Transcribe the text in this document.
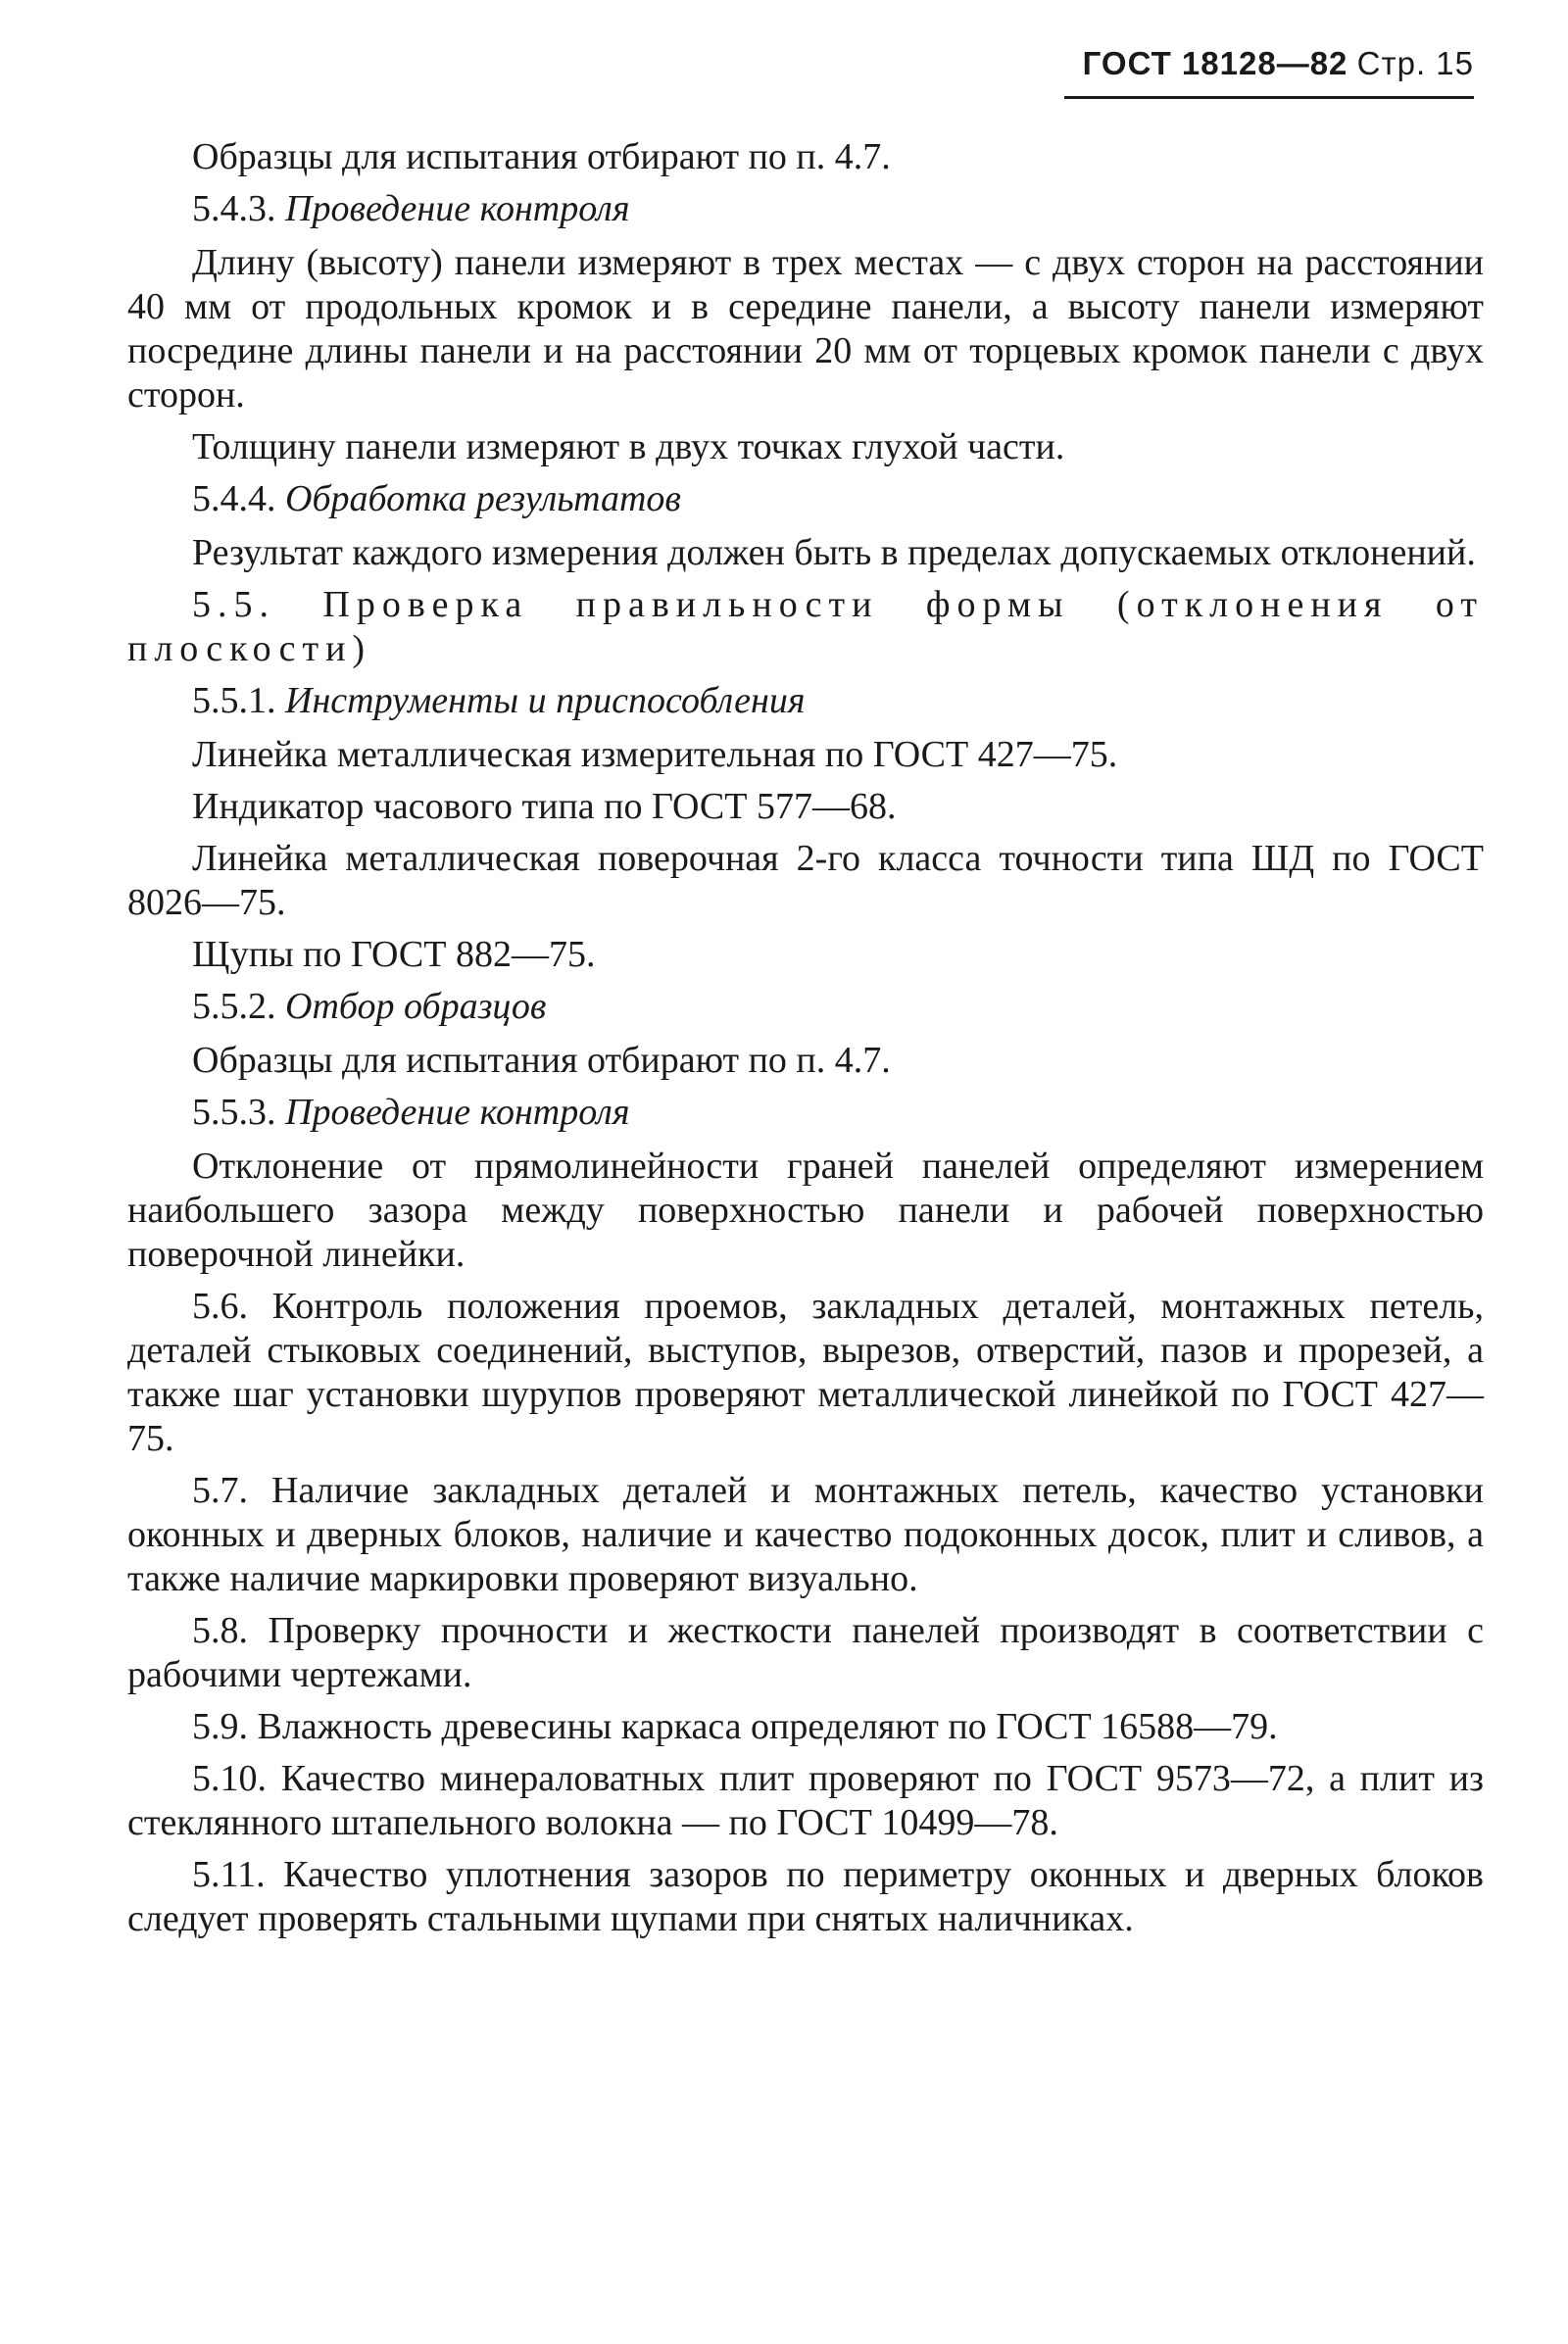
ГОСТ 18128—82 Стр. 15

Образцы для испытания отбирают по п. 4.7.

5.4.3. Проведение контроля

Длину (высоту) панели измеряют в трех местах — с двух сторон на расстоянии 40 мм от продольных кромок и в середине панели, а высоту панели измеряют посредине длины панели и на расстоянии 20 мм от торцевых кромок панели с двух сторон.

Толщину панели измеряют в двух точках глухой части.

5.4.4. Обработка результатов

Результат каждого измерения должен быть в пределах допускаемых отклонений.

5.5. Проверка правильности формы (отклонения от плоскости)

5.5.1. Инструменты и приспособления

Линейка металлическая измерительная по ГОСТ 427—75.

Индикатор часового типа по ГОСТ 577—68.

Линейка металлическая поверочная 2-го класса точности типа ШД по ГОСТ 8026—75.

Щупы по ГОСТ 882—75.

5.5.2. Отбор образцов

Образцы для испытания отбирают по п. 4.7.

5.5.3. Проведение контроля

Отклонение от прямолинейности граней панелей определяют измерением наибольшего зазора между поверхностью панели и рабочей поверхностью поверочной линейки.

5.6. Контроль положения проемов, закладных деталей, монтажных петель, деталей стыковых соединений, выступов, вырезов, отверстий, пазов и прорезей, а также шаг установки шурупов проверяют металлической линейкой по ГОСТ 427—75.

5.7. Наличие закладных деталей и монтажных петель, качество установки оконных и дверных блоков, наличие и качество подоконных досок, плит и сливов, а также наличие маркировки проверяют визуально.

5.8. Проверку прочности и жесткости панелей производят в соответствии с рабочими чертежами.

5.9. Влажность древесины каркаса определяют по ГОСТ 16588—79.

5.10. Качество минераловатных плит проверяют по ГОСТ 9573—72, а плит из стеклянного штапельного волокна — по ГОСТ 10499—78.

5.11. Качество уплотнения зазоров по периметру оконных и дверных блоков следует проверять стальными щупами при снятых наличниках.
